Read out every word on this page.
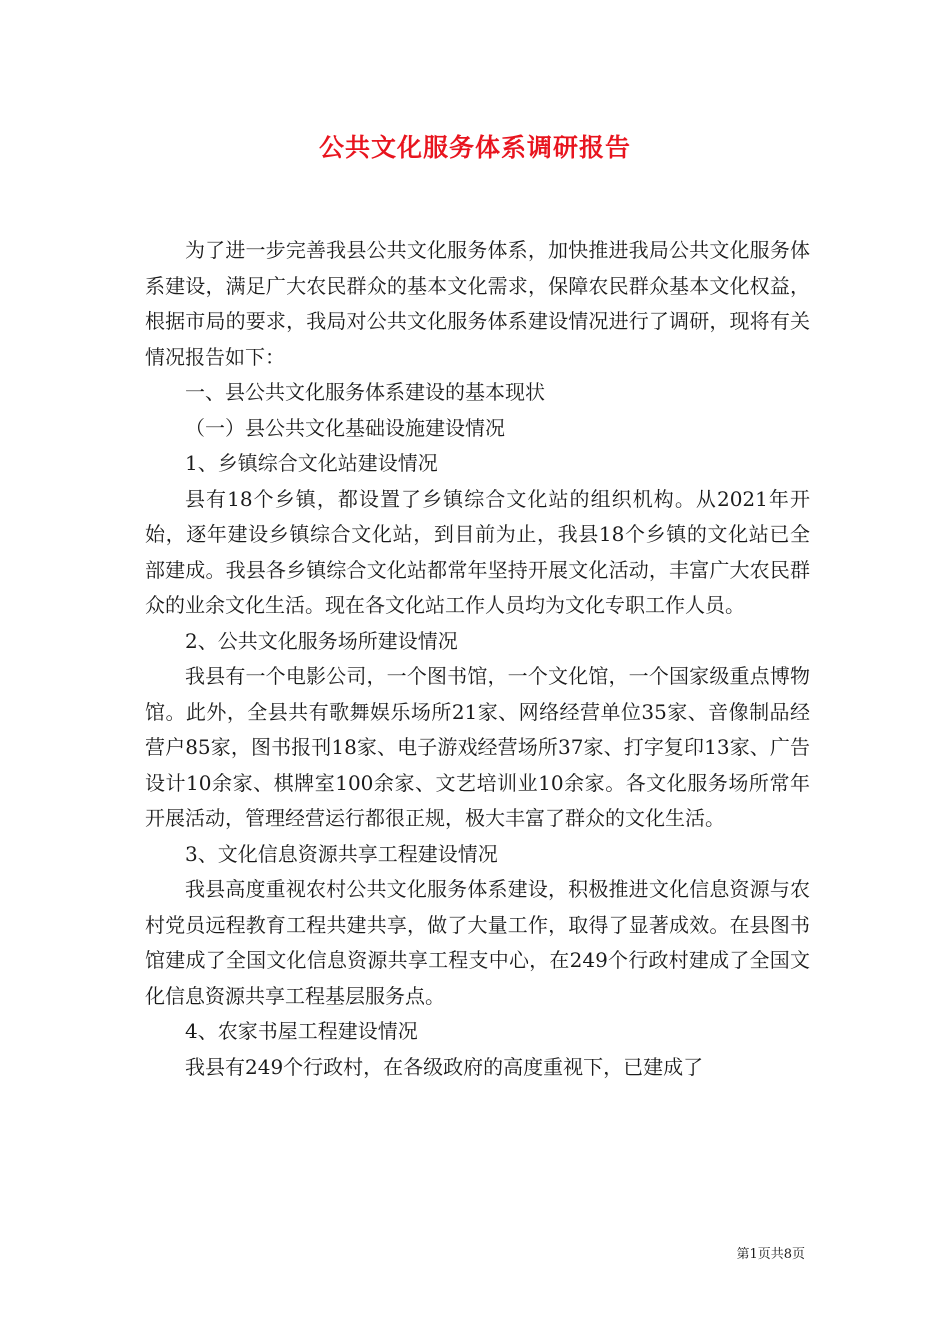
公共文化服务体系调研报告

为了进一步完善我县公共文化服务体系，加快推进我局公共文化服务体系建设，满足广大农民群众的基本文化需求，保障农民群众基本文化权益，根据市局的要求，我局对公共文化服务体系建设情况进行了调研，现将有关情况报告如下：

一、县公共文化服务体系建设的基本现状

（一）县公共文化基础设施建设情况

1、乡镇综合文化站建设情况

县有18个乡镇，都设置了乡镇综合文化站的组织机构。从2021年开始，逐年建设乡镇综合文化站，到目前为止，我县18个乡镇的文化站已全部建成。我县各乡镇综合文化站都常年坚持开展文化活动，丰富广大农民群众的业余文化生活。现在各文化站工作人员均为文化专职工作人员。

2、公共文化服务场所建设情况

我县有一个电影公司，一个图书馆，一个文化馆，一个国家级重点博物馆。此外，全县共有歌舞娱乐场所21家、网络经营单位35家、音像制品经营户85家，图书报刊18家、电子游戏经营场所37家、打字复印13家、广告设计10余家、棋牌室100余家、文艺培训业10余家。各文化服务场所常年开展活动，管理经营运行都很正规，极大丰富了群众的文化生活。

3、文化信息资源共享工程建设情况

我县高度重视农村公共文化服务体系建设，积极推进文化信息资源与农村党员远程教育工程共建共享，做了大量工作，取得了显著成效。在县图书馆建成了全国文化信息资源共享工程支中心，在249个行政村建成了全国文化信息资源共享工程基层服务点。

4、农家书屋工程建设情况

我县有249个行政村，在各级政府的高度重视下，已建成了

第1页共8页
